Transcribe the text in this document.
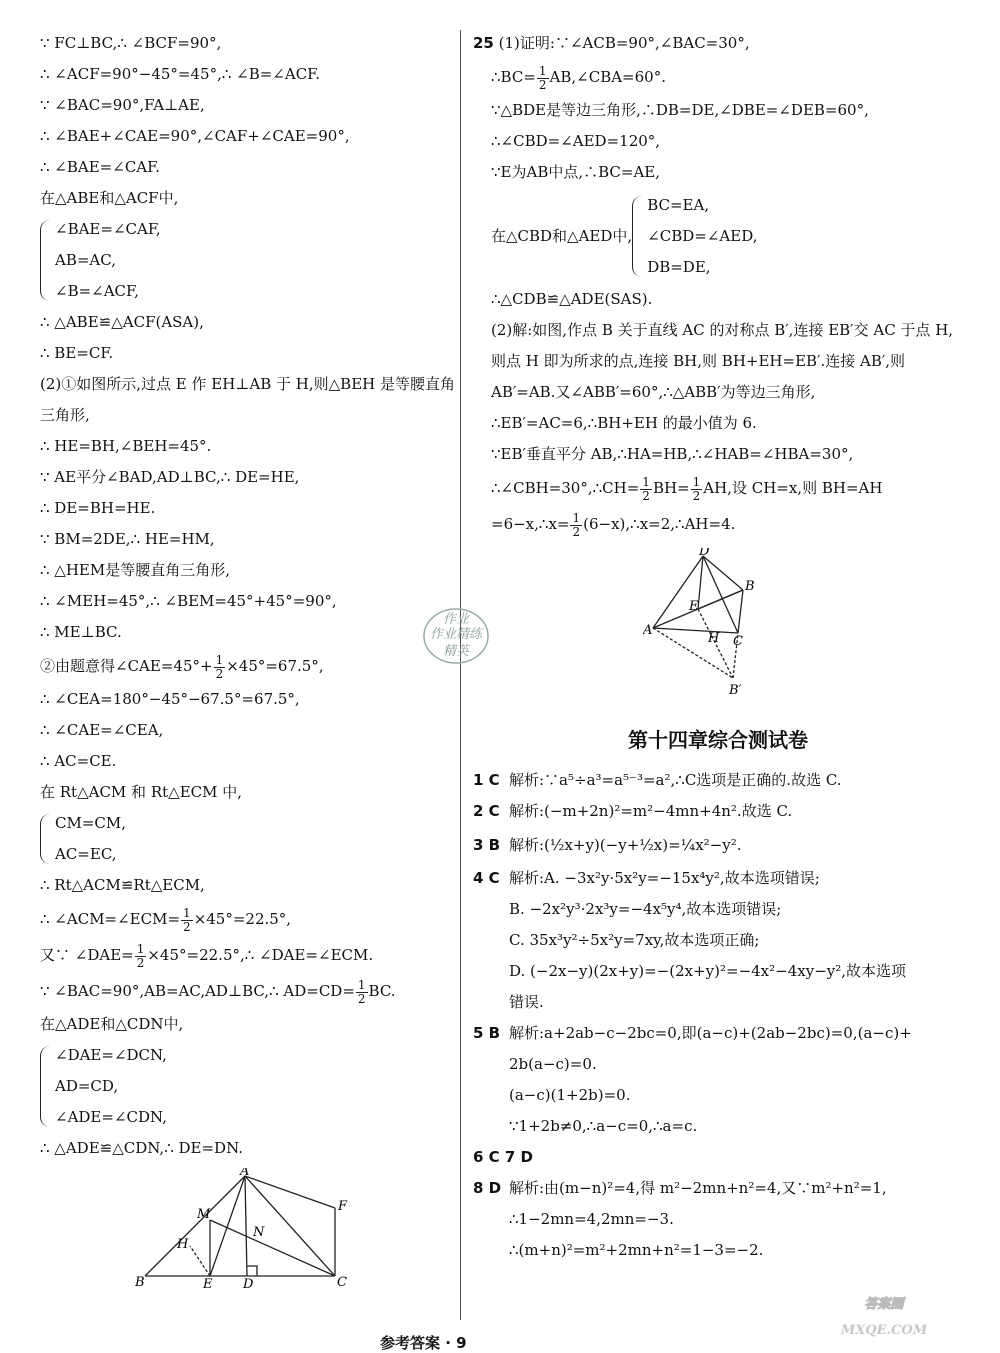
∵ FC⊥BC,∴ ∠BCF=90°,
∴ ∠ACF=90°−45°=45°,∴ ∠B=∠ACF.
∵ ∠BAC=90°,FA⊥AE,
∴ ∠BAE+∠CAE=90°,∠CAF+∠CAE=90°,
∴ ∠BAE=∠CAF.
在△ABE和△ACF中,
∠BAE=∠CAF,
AB=AC,
∠B=∠ACF,
∴ △ABE≌△ACF(ASA),
∴ BE=CF.
(2)①如图所示,过点 E 作 EH⊥AB 于 H,则△BEH 是等腰直角
三角形,
∴ HE=BH,∠BEH=45°.
∵ AE平分∠BAD,AD⊥BC,∴ DE=HE,
∴ DE=BH=HE.
∵ BM=2DE,∴ HE=HM,
∴ △HEM是等腰直角三角形,
∴ ∠MEH=45°,∴ ∠BEM=45°+45°=90°,
∴ ME⊥BC.
②由题意得∠CAE=45°+ $\frac{1}{2} \times 45^\circ=67.5^\circ$,
∴ ∠CEA=180°−45°−67.5°=67.5°,
∴ ∠CAE=∠CEA,
∴ AC=CE.
在 Rt△ACM 和 Rt△ECM 中,
CM=CM,
AC=EC,
∴ Rt△ACM≌Rt△ECM,
∴ ∠ACM=∠ECM= $\frac{1}{2} \times 45^\circ=22.5^\circ$,
又∵ ∠DAE= $\frac{1}{2}$ ×45°=22.5°,∴ ∠DAE=∠ECM.
∵ ∠BAC=90°,AB=AC,AD⊥BC,∴ $AD=CD= \frac{1}{2}$ BC.
在△ADE和△CDN中,
∠DAE=∠DCN,
AD=CD,
∠ADE=∠CDN,
∴ △ADE≌△CDN,∴ DE=DN.
A
B	C
D
E
F
H
M
N
作业
作业精练
精英
25 (1)证明:∵∠ACB=90°,∠BAC=30°,
∴BC= $\frac{1}{2}$ AB,∠CBA=60°.
∵△BDE是等边三角形,∴DB=DE,∠DBE=∠DEB=60°,
∴∠CBD=∠AED=120°,
∵E为AB中点,∴BC=AE,
在△CBD和△AED中,
BC=EA,
∠CBD=∠AED,
DB=DE,
∴△CDB≌△ADE(SAS).
(2)解:如图,作点 B 关于直线 AC 的对称点 B′,连接 EB′交 AC 于点 H,则点 H 即为所求的点,连接 BH,则 BH+EH=EB′.连接 AB′,则 AB′=AB.又∠ABB′=60°,∴△ABB′为等边三角形,
∴EB′=AC=6,∴BH+EH 的最小值为 6.
∵EB′垂直平分 AB,∴HA=HB,∴∠HAB=∠HBA=30°,
∴∠CBH=30°,∴CH= $\frac{1}{2} BH= \frac{1}{2}$ AH,设 CH=x,则 BH=AH
=6−x,∴x= $\frac{1}{2}$ (6−x),∴x=2,∴AH=4.
D
B
A
E
H C
B′
第十四章综合测试卷
1 C 解析:∵a⁵÷a³=a⁵⁻³=a²,∴C选项是正确的.故选 C.
2 C 解析:(−m+2n)²=m²−4mn+4n².故选 C.
3 B 解析:(½x+y)(−y+½x)=¼x²−y².
4 C 解析:A. −3x²y·5x²y=−15x⁴y²,故本选项错误;
B. −2x²y³·2x³y=−4x⁵y⁴,故本选项错误;
C. 35x³y²÷5x²y=7xy,故本选项正确;
D. (−2x−y)(2x+y)=−(2x+y)²=−4x²−4xy−y²,故本选项
错误.
5 B 解析:a+2ab−c−2bc=0,即(a−c)+(2ab−2bc)=0,(a−c)+
2b(a−c)=0.
(a−c)(1+2b)=0.
∵1+2b≠0,∴a−c=0,∴a=c.
6 C 7 D
8 D 解析:由(m−n)²=4,得 m²−2mn+n²=4,又∵m²+n²=1,
∴1−2mn=4,2mn=−3.
∴(m+n)²=m²+2mn+n²=1−3=−2.
参考答案 · 9
答案圈
MXQE.COM
